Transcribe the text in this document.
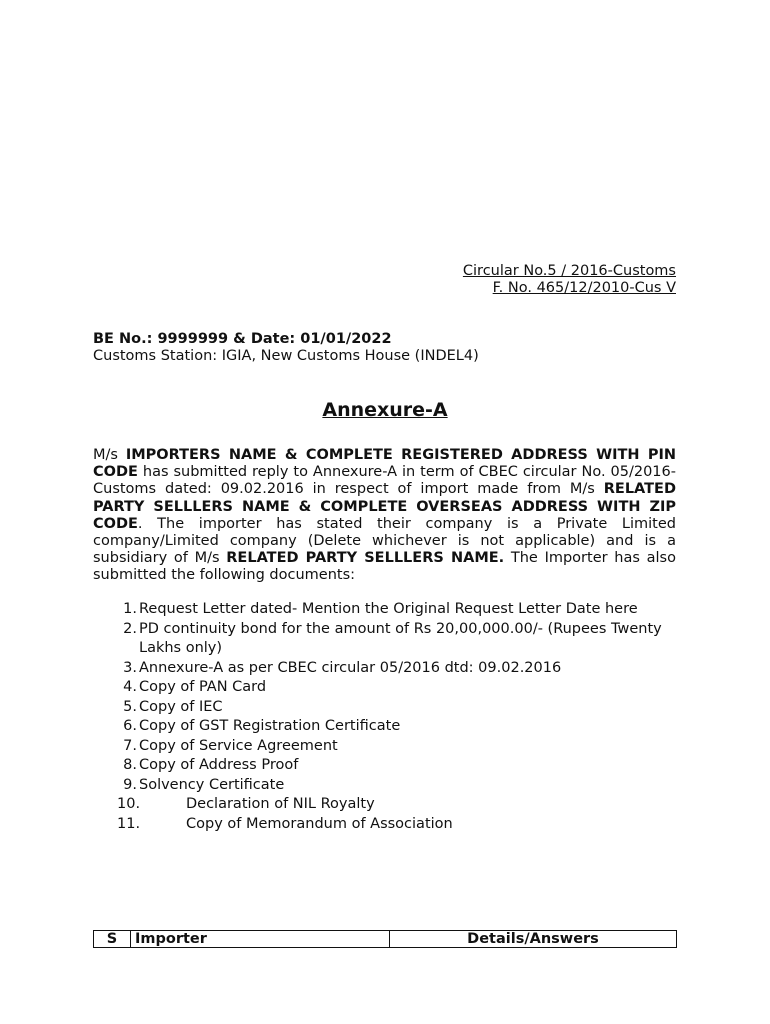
Circular No.5 / 2016-Customs
F. No. 465/12/2010-Cus V
BE No.: 9999999 & Date: 01/01/2022
Customs Station: IGIA, New Customs House (INDEL4)
Annexure-A
M/s IMPORTERS NAME & COMPLETE REGISTERED ADDRESS WITH PIN CODE has submitted reply to Annexure-A in term of CBEC circular No. 05/2016- Customs dated: 09.02.2016 in respect of import made from M/s RELATED PARTY SELLLERS NAME & COMPLETE OVERSEAS ADDRESS WITH ZIP CODE. The importer has stated their company is a Private Limited company/Limited company (Delete whichever is not applicable) and is a subsidiary of M/s RELATED PARTY SELLLERS NAME. The Importer has also submitted the following documents:
1. Request Letter dated- Mention the Original Request Letter Date here
2. PD continuity bond for the amount of Rs 20,00,000.00/- (Rupees Twenty Lakhs only)
3. Annexure-A as per CBEC circular 05/2016 dtd: 09.02.2016
4. Copy of PAN Card
5. Copy of IEC
6. Copy of GST Registration Certificate
7. Copy of Service Agreement
8. Copy of Address Proof
9. Solvency Certificate
10.	Declaration of NIL Royalty
11.	Copy of Memorandum of Association
S	Importer	Details/Answers
